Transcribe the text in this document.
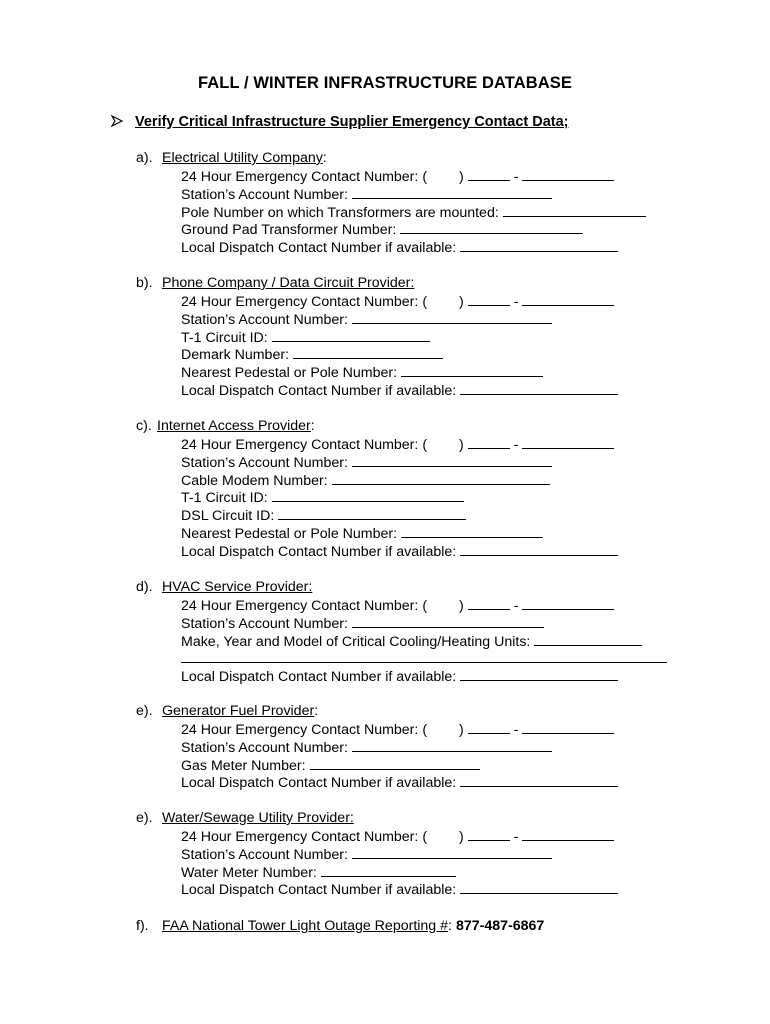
FALL / WINTER INFRASTRUCTURE DATABASE
Verify Critical Infrastructure Supplier Emergency Contact Data;
a). Electrical Utility Company:
24 Hour Emergency Contact Number: ( )	-
Station’s Account Number:
Pole Number on which Transformers are mounted:
Ground Pad Transformer Number:
Local Dispatch Contact Number if available:
b). Phone Company / Data Circuit Provider:
24 Hour Emergency Contact Number: ( )	-
Station’s Account Number:
T-1 Circuit ID:
Demark Number:
Nearest Pedestal or Pole Number:
Local Dispatch Contact Number if available:
c). Internet Access Provider:
24 Hour Emergency Contact Number: ( )	-
Station’s Account Number:
Cable Modem Number:
T-1 Circuit ID:
DSL Circuit ID:
Nearest Pedestal or Pole Number:
Local Dispatch Contact Number if available:
d). HVAC Service Provider:
24 Hour Emergency Contact Number: ( )	-
Station’s Account Number:
Make, Year and Model of Critical Cooling/Heating Units:
Local Dispatch Contact Number if available:
e). Generator Fuel Provider:
24 Hour Emergency Contact Number: ( )	-
Station’s Account Number:
Gas Meter Number:
Local Dispatch Contact Number if available:
e). Water/Sewage Utility Provider:
24 Hour Emergency Contact Number: ( )	-
Station’s Account Number:
Water Meter Number:
Local Dispatch Contact Number if available:
f). FAA National Tower Light Outage Reporting #: 877-487-6867
